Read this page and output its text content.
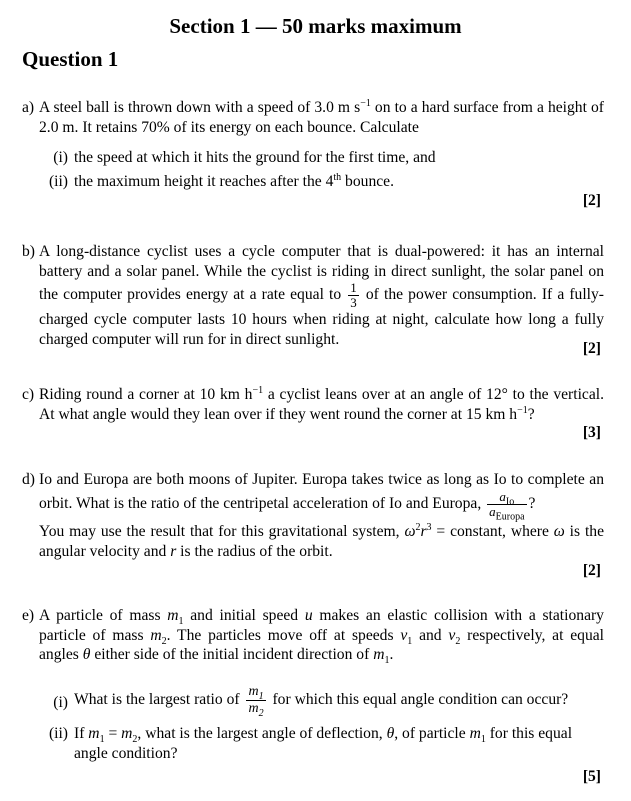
Section 1 — 50 marks maximum
Question 1
a) A steel ball is thrown down with a speed of 3.0 m $s^{-1}$ on to a hard surface from a height of 2.0 m. It retains 70% of its energy on each bounce. Calculate
(i) the speed at which it hits the ground for the first time, and
(ii) the maximum height it reaches after the 4th bounce.
[2]
b) A long-distance cyclist uses a cycle computer that is dual-powered: it has an internal battery and a solar panel. While the cyclist is riding in direct sunlight, the solar panel on the computer provides energy at a rate equal to $\frac{1}{3}$ of the power consumption. If a fully-charged cycle computer lasts 10 hours when riding at night, calculate how long a fully charged computer will run for in direct sunlight.
[2]
c) Riding round a corner at 10 km $h^{-1}$ a cyclist leans over at an angle of 12° to the vertical. At what angle would they lean over if they went round the corner at 15 km $h^{-1}$?
[3]
d) Io and Europa are both moons of Jupiter. Europa takes twice as long as Io to complete an orbit. What is the ratio of the centripetal acceleration of Io and Europa, $\frac{a_{Io}}{a_{Europa}}$ ?
You may use the result that for this gravitational system, $\omega^2r^3$ = constant, where ω is the angular velocity and r is the radius of the orbit.
[2]
e) A particle of mass $m_1$ and initial speed u makes an elastic collision with a stationary particle of mass $m_2$. The particles move off at speeds $v_1$ and $v_2$ respectively, at equal angles θ either side of the initial incident direction of $m_1$.
(i) What is the largest ratio of $\frac{m_1}{m_2}$ for which this equal angle condition can occur?
(ii) If $m_1 = m_2$, what is the largest angle of deflection, θ, of particle $m_1$ for this equal angle condition?
[5]
